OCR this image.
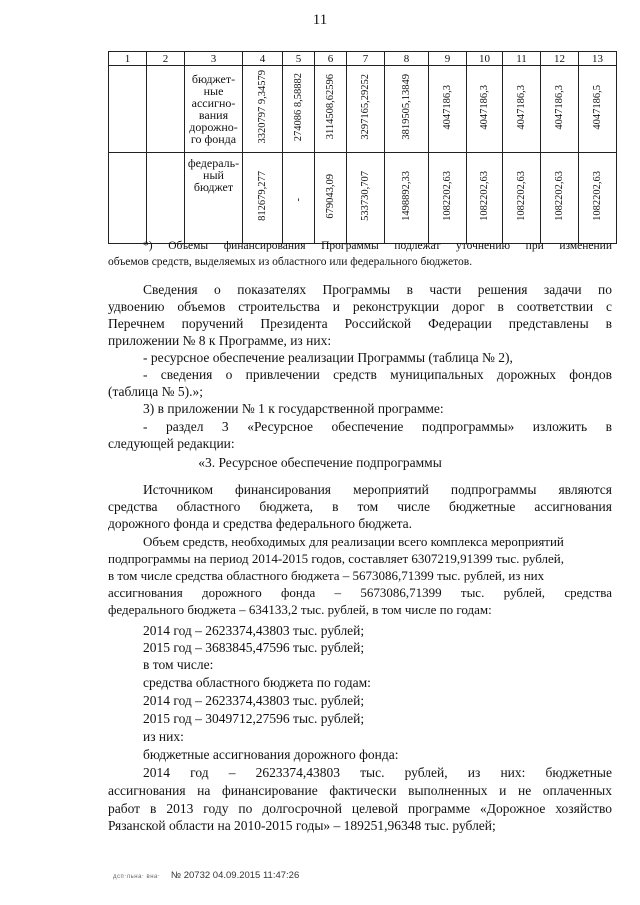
11
1	2	3	4	5	6	7	8	9	10	11	12	13
		бюджет-ные ассигно-вания дорожно-го фонда	3320797 9,34579	274086 8,58882	3114508,62596	3297165,29252	3819505,13849	4047186,3	4047186,3	4047186,3	4047186,3	4047186,5
		федераль-ный бюджет	812679,277	-	679043,09	533730,707	1498892,33	1082202,63	1082202,63	1082202,63	1082202,63	1082202,63

*) Объемы финансирования Программы подлежат уточнению при изменении

объемов средств, выделяемых из областного или федерального бюджетов.

Сведения о показателях Программы в части решения задачи по

удвоению объемов строительства и реконструкции дорог в соответствии с

Перечнем поручений Президента Российской Федерации представлены в

приложении № 8 к Программе, из них:

- ресурсное обеспечение реализации Программы (таблица № 2),

- сведения о привлечении средств муниципальных дорожных фондов

(таблица № 5).»;

3) в приложении № 1 к государственной программе:

- раздел 3 «Ресурсное обеспечение подпрограммы» изложить в

следующей редакции:

«3. Ресурсное обеспечение подпрограммы

Источником финансирования мероприятий подпрограммы являются

средства областного бюджета, в том числе бюджетные ассигнования

дорожного фонда и средства федерального бюджета.

Объем средств, необходимых для реализации всего комплекса мероприятий

подпрограммы на период 2014-2015 годов, составляет 6307219,91399 тыс. рублей,

в том числе средства областного бюджета – 5673086,71399 тыс. рублей, из них

ассигнования дорожного фонда – 5673086,71399 тыс. рублей, средства

федерального бюджета – 634133,2 тыс. рублей, в том числе по годам:

2014 год – 2623374,43803 тыс. рублей;

2015 год – 3683845,47596 тыс. рублей;

в том числе:

средства областного бюджета по годам:

2014 год – 2623374,43803 тыс. рублей;

2015 год – 3049712,27596 тыс. рублей;

из них:

бюджетные ассигнования дорожного фонда:

2014 год – 2623374,43803 тыс. рублей, из них: бюджетные

ассигнования на финансирование фактически выполненных и не оплаченных

работ в 2013 году по долгосрочной целевой программе «Дорожное хозяйство

Рязанской области на 2010-2015 годы» – 189251,96348 тыс. рублей;

дсп‧льна‧ вна‧ № 20732 04.09.2015 11:47:26
